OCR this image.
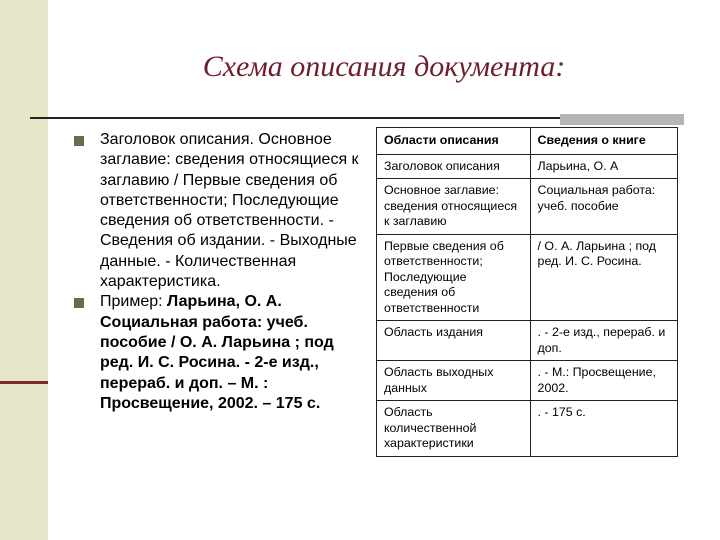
Схема описания документа:
Заголовок описания. Основное заглавие: сведения относящиеся к заглавию / Первые сведения об ответственности; Последующие сведения об ответственности. - Сведения об издании. - Выходные данные. - Количественная характеристика.
Пример: Ларьина, О. А. Социальная работа: учеб. пособие / О. А. Ларьина ; под ред. И. С. Росина. - 2-е изд., перераб. и доп. – М. : Просвещение, 2002. – 175 с.
Области описания	Сведения о книге
Заголовок описания	Ларьина, О. А
Основное заглавие: сведения относящиеся к заглавию	Социальная работа: учеб. пособие
Первые сведения об ответственности; Последующие сведения об ответственности	/ О. А. Ларьина ; под ред. И. С. Росина.
Область издания	. - 2-е изд., перераб. и доп.
Область выходных данных	. - М.: Просвещение, 2002.
Область количественной характеристики	. - 175 с.
